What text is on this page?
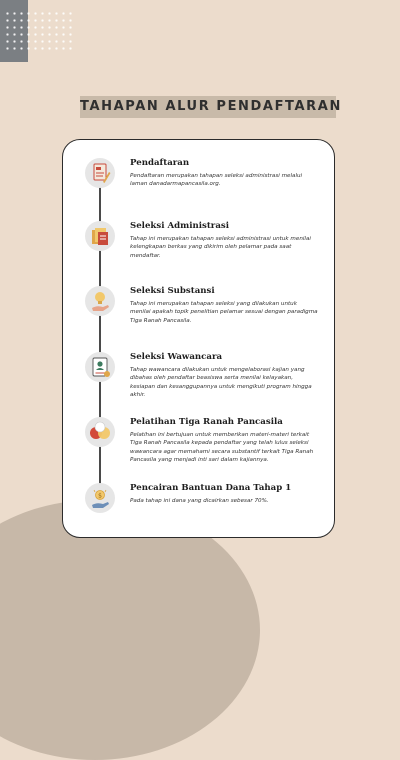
TAHAPAN ALUR PENDAFTARAN
Pendaftaran

Pendaftaran merupakan tahapan seleksi administrasi melalui laman danadarmapancasila.org.

Seleksi Administrasi

Tahap ini merupakan tahapan seleksi administrasi untuk menilai kelengkapan berkas yang dikirim oleh pelamar pada saat mendaftar.

Seleksi Substansi

Tahap ini merupakan tahapan seleksi yang dilakukan untuk menilai apakah topik penelitian pelamar sesuai dengan paradigma Tiga Ranah Pancasila.

Seleksi Wawancara

Tahap wawancara dilakukan untuk mengelaborasi kajian yang dibahas oleh pendaftar beasiswa serta menilai kelayakan, kesiapan dan kesanggupannya untuk mengikuti program hingga akhir.

Pelatihan Tiga Ranah Pancasila

Pelatihan ini bertujuan untuk memberikan materi-materi terkait Tiga Ranah Pancasila kepada pendaftar yang telah lulus seleksi wawancara agar memahami secara substantif terkait Tiga Ranah Pancasila yang menjadi inti sari dalam kajiannya.

$
Pencairan Bantuan Dana Tahap 1

Pada tahap ini dana yang dicairkan sebesar 70%.
